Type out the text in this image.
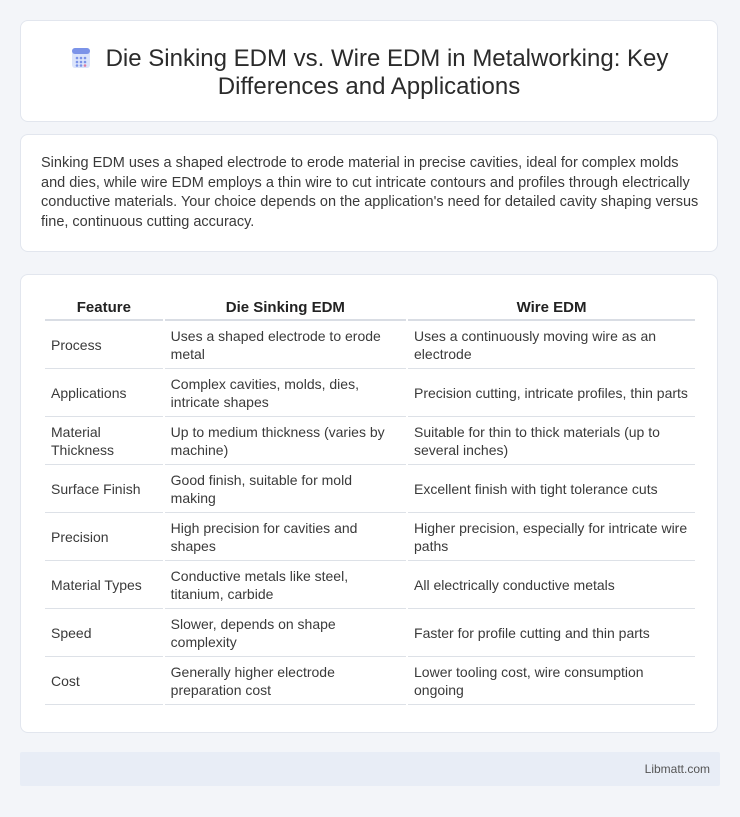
Die Sinking EDM vs. Wire EDM in Metalworking: Key Differences and Applications

Sinking EDM uses a shaped electrode to erode material in precise cavities, ideal for complex molds and dies, while wire EDM employs a thin wire to cut intricate contours and profiles through electrically conductive materials. Your choice depends on the application's need for detailed cavity shaping versus fine, continuous cutting accuracy.

Feature	Die Sinking EDM	Wire EDM
Process	Uses a shaped electrode to erode metal	Uses a continuously moving wire as an electrode
Applications	Complex cavities, molds, dies, intricate shapes	Precision cutting, intricate profiles, thin parts
Material Thickness	Up to medium thickness (varies by machine)	Suitable for thin to thick materials (up to several inches)
Surface Finish	Good finish, suitable for mold making	Excellent finish with tight tolerance cuts
Precision	High precision for cavities and shapes	Higher precision, especially for intricate wire paths
Material Types	Conductive metals like steel, titanium, carbide	All electrically conductive metals
Speed	Slower, depends on shape complexity	Faster for profile cutting and thin parts
Cost	Generally higher electrode preparation cost	Lower tooling cost, wire consumption ongoing
Libmatt.com
